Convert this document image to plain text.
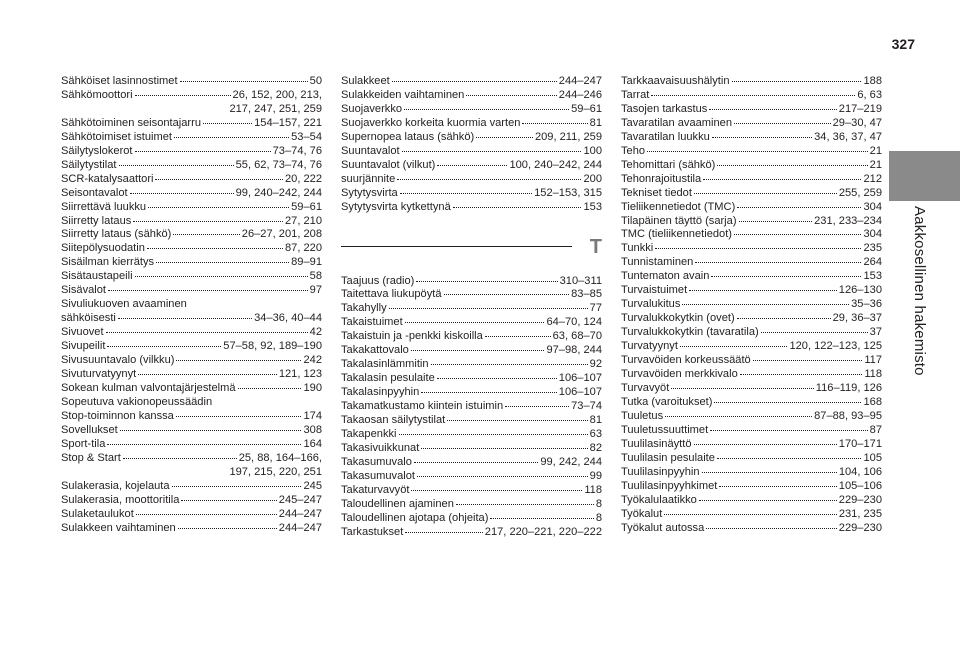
327
Aakkosellinen hakemisto
Sähköiset lasinnostimet	50
Sähkömoottori	26, 152, 200, 213,
217, 247, 251, 259
Sähkötoiminen seisontajarru	154–157, 221
Sähkötoimiset istuimet	53–54
Säilytyslokerot	73–74, 76
Säilytystilat	55, 62, 73–74, 76
SCR-katalysaattori	20, 222
Seisontavalot	99, 240–242, 244
Siirrettävä luukku	59–61
Siirretty lataus	27, 210
Siirretty lataus (sähkö)	26–27, 201, 208
Siitepölysuodatin	87, 220
Sisäilman kierrätys	89–91
Sisätaustapeili	58
Sisävalot	97
Sivuliukuoven avaaminen
sähköisesti	34–36, 40–44
Sivuovet	42
Sivupeilit	57–58, 92, 189–190
Sivusuuntavalo (vilkku)	242
Sivuturvatyynyt	121, 123
Sokean kulman valvontajärjestelmä	190
Sopeutuva vakionopeussäädin
Stop-toiminnon kanssa	174
Sovellukset	308
Sport-tila	164
Stop & Start	25, 88, 164–166,
197, 215, 220, 251
Sulakerasia, kojelauta	245
Sulakerasia, moottoritila	245–247
Sulaketaulukot	244–247
Sulakkeen vaihtaminen	244–247
Sulakkeet	244–247
Sulakkeiden vaihtaminen	244–246
Suojaverkko	59–61
Suojaverkko korkeita kuormia varten	81
Supernopea lataus (sähkö)	209, 211, 259
Suuntavalot	100
Suuntavalot (vilkut)	100, 240–242, 244
suurjännite	200
Sytytysvirta	152–153, 315
Sytytysvirta kytkettynä	153
T
Taajuus (radio)	310–311
Taitettava liukupöytä	83–85
Takahylly	77
Takaistuimet	64–70, 124
Takaistuin ja -penkki kiskoilla	63, 68–70
Takakattovalo	97–98, 244
Takalasinlämmitin	92
Takalasin pesulaite	106–107
Takalasinpyyhin	106–107
Takamatkustamo kiintein istuimin	73–74
Takaosan säilytystilat	81
Takapenkki	63
Takasivuikkunat	82
Takasumuvalo	99, 242, 244
Takasumuvalot	99
Takaturvavyöt	118
Taloudellinen ajaminen	8
Taloudellinen ajotapa (ohjeita)	8
Tarkastukset	217, 220–221, 220–222
Tarkkaavaisuushälytin	188
Tarrat	6, 63
Tasojen tarkastus	217–219
Tavaratilan avaaminen	29–30, 47
Tavaratilan luukku	34, 36, 37, 47
Teho	21
Tehomittari (sähkö)	21
Tehonrajoitustila	212
Tekniset tiedot	255, 259
Tieliikennetiedot (TMC)	304
Tilapäinen täyttö (sarja)	231, 233–234
TMC (tieliikennetiedot)	304
Tunkki	235
Tunnistaminen	264
Tuntematon avain	153
Turvaistuimet	126–130
Turvalukitus	35–36
Turvalukkokytkin (ovet)	29, 36–37
Turvalukkokytkin (tavaratila)	37
Turvatyynyt	120, 122–123, 125
Turvavöiden korkeussäätö	117
Turvavöiden merkkivalo	118
Turvavyöt	116–119, 126
Tutka (varoitukset)	168
Tuuletus	87–88, 93–95
Tuuletussuuttimet	87
Tuulilasinäyttö	170–171
Tuulilasin pesulaite	105
Tuulilasinpyyhin	104, 106
Tuulilasinpyyhkimet	105–106
Työkalulaatikko	229–230
Työkalut	231, 235
Työkalut autossa	229–230
